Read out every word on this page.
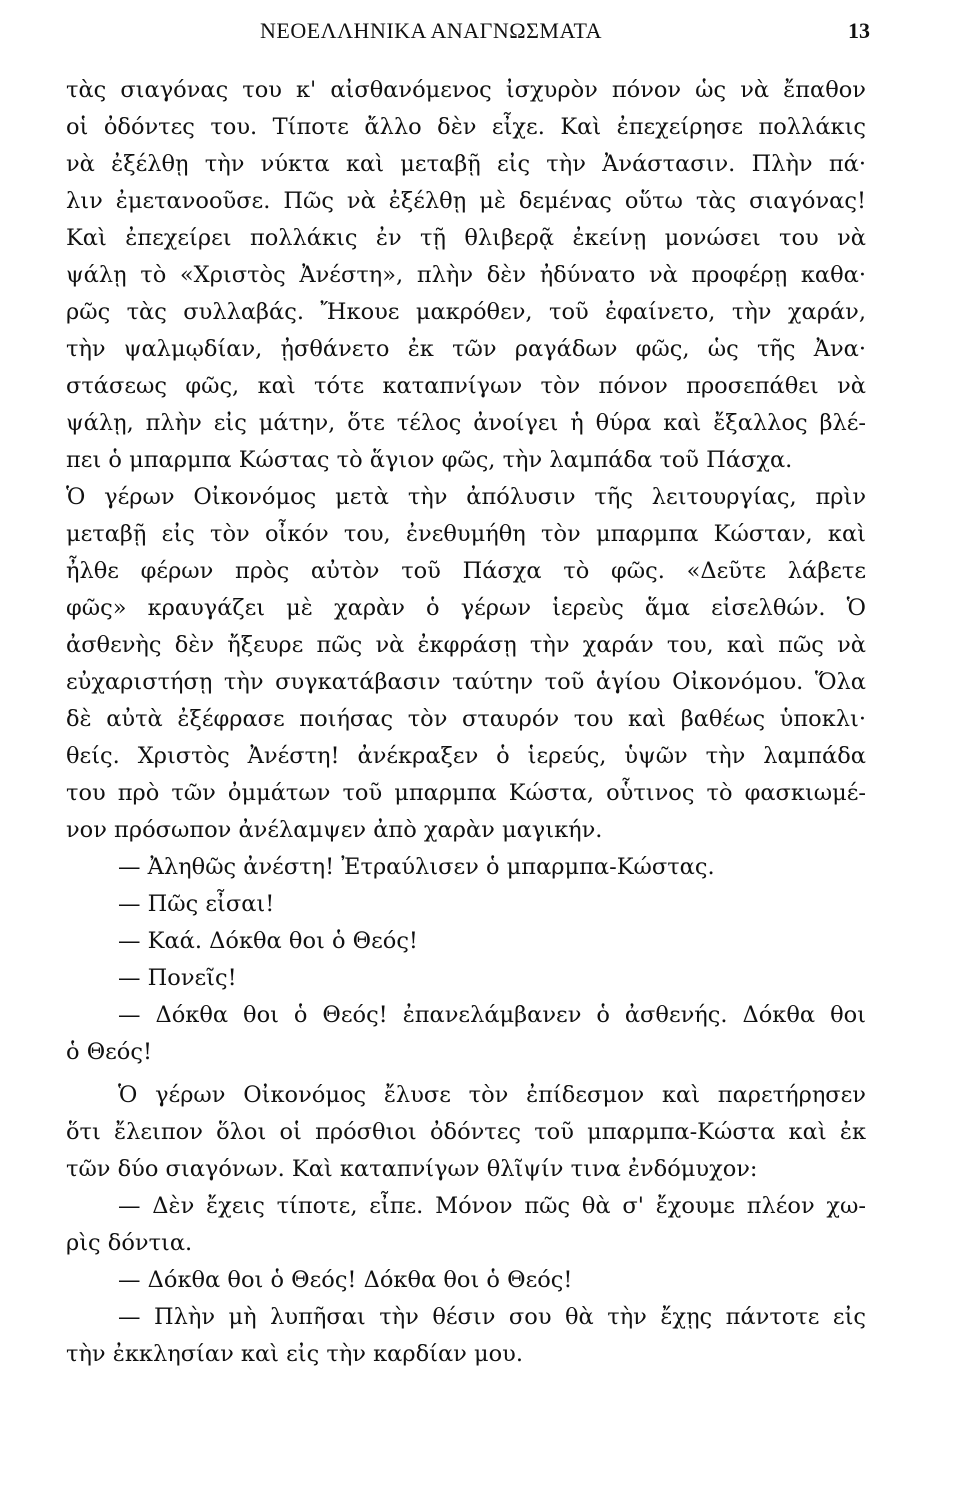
ΝΕΟΕΛΛΗΝΙΚΑ ΑΝΑΓΝΩΣΜΑΤΑ	13
τὰς σιαγόνας του κ' αἰσθανόμενος ἰσχυρὸν πόνον ὡς νὰ ἔπαθον
οἱ ὀδόντες του. Τίποτε ἄλλο δὲν εἶχε. Καὶ ἐπεχείρησε πολλάκις
νὰ ἐξέλθῃ τὴν νύκτα καὶ μεταβῇ εἰς τὴν Ἀνάστασιν. Πλὴν πά·
λιν ἐμετανοοῦσε. Πῶς νὰ ἐξέλθῃ μὲ δεμένας οὕτω τὰς σιαγόνας!
Καὶ ἐπεχείρει πολλάκις ἐν τῇ θλιβερᾷ ἐκείνῃ μονώσει του νὰ
ψάλῃ τὸ «Χριστὸς Ἀνέστη», πλὴν δὲν ἠδύνατο νὰ προφέρῃ καθα·
ρῶς τὰς συλλαβάς. Ἤκουε μακρόθεν, τοῦ ἐφαίνετο, τὴν χαράν,
τὴν ψαλμῳδίαν, ᾐσθάνετο ἐκ τῶν ραγάδων φῶς, ὡς τῆς Ἀνα·
στάσεως φῶς, καὶ τότε καταπνίγων τὸν πόνον προσεπάθει νὰ
ψάλῃ, πλὴν εἰς μάτην, ὅτε τέλος ἀνοίγει ἡ θύρα καὶ ἔξαλλος βλέ-
πει ὁ μπαρμπα Κώστας τὸ ἅγιον φῶς, τὴν λαμπάδα τοῦ Πάσχα.
Ὁ γέρων Οἰκονόμος μετὰ τὴν ἀπόλυσιν τῆς λειτουργίας, πρὶν
μεταβῇ εἰς τὸν οἶκόν του, ἐνεθυμήθη τὸν μπαρμπα Κώσταν, καὶ
ἦλθε φέρων πρὸς αὐτὸν τοῦ Πάσχα τὸ φῶς. «Δεῦτε λάβετε
φῶς» κραυγάζει μὲ χαρὰν ὁ γέρων ἱερεὺς ἅμα εἰσελθών. Ὁ
ἀσθενὴς δὲν ἤξευρε πῶς νὰ ἐκφράσῃ τὴν χαράν του, καὶ πῶς νὰ
εὐχαριστήσῃ τὴν συγκατάβασιν ταύτην τοῦ ἁγίου Οἰκονόμου. Ὅλα
δὲ αὐτὰ ἐξέφρασε ποιήσας τὸν σταυρόν του καὶ βαθέως ὑποκλι·
θείς. Χριστὸς Ἀνέστη! ἀνέκραξεν ὁ ἱερεύς, ὑψῶν τὴν λαμπάδα
του πρὸ τῶν ὀμμάτων τοῦ μπαρμπα Κώστα, οὗτινος τὸ φασκιωμέ-
νον πρόσωπον ἀνέλαμψεν ἀπὸ χαρὰν μαγικήν.
— Ἀληθῶς ἀνέστη! Ἐτραύλισεν ὁ μπαρμπα-Κώστας.
— Πῶς εἶσαι!
— Καά. Δόκθα θοι ὁ Θεός!
— Πονεῖς!
— Δόκθα θοι ὁ Θεός! ἐπανελάμβανεν ὁ ἀσθενής. Δόκθα θοι
ὁ Θεός!
Ὁ γέρων Οἰκονόμος ἔλυσε τὸν ἐπίδεσμον καὶ παρετήρησεν
ὅτι ἔλειπον ὅλοι οἱ πρόσθιοι ὀδόντες τοῦ μπαρμπα-Κώστα καὶ ἐκ
τῶν δύο σιαγόνων. Καὶ καταπνίγων θλῖψίν τινα ἐνδόμυχον:
— Δὲν ἔχεις τίποτε, εἶπε. Μόνον πῶς θὰ σ' ἔχουμε πλέον χω-
ρὶς δόντια.
— Δόκθα θοι ὁ Θεός! Δόκθα θοι ὁ Θεός!
— Πλὴν μὴ λυπῆσαι τὴν θέσιν σου θὰ τὴν ἔχῃς πάντοτε εἰς
τὴν ἐκκλησίαν καὶ εἰς τὴν καρδίαν μου.
